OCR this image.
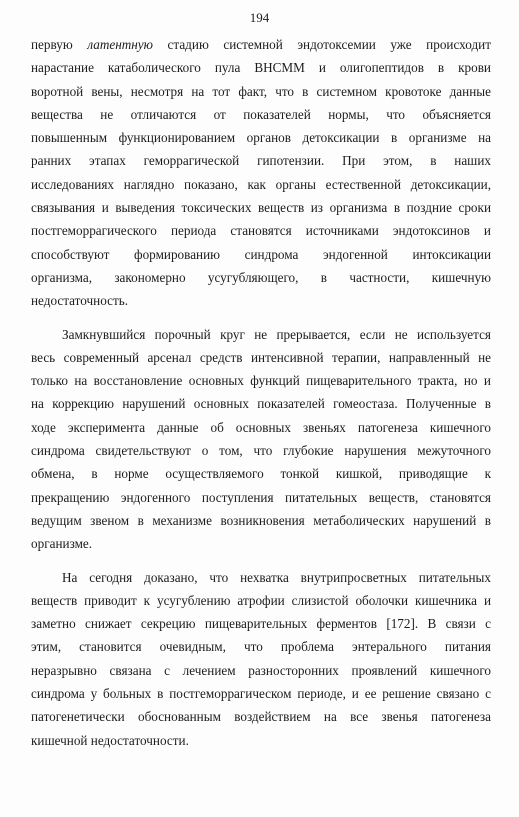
194
первую латентную стадию системной эндотоксемии уже происходит
нарастание катаболического пула ВНСММ и олигопептидов в крови
воротной вены, несмотря на тот факт, что в системном кровотоке данные
вещества не отличаются от показателей нормы, что объясняется
повышенным функционированием органов детоксикации в организме на
ранних этапах геморрагической гипотензии. При этом, в наших
исследованиях наглядно показано, как органы естественной детоксикации,
связывания и выведения токсических веществ из организма в поздние сроки
постгеморрагического периода становятся источниками эндотоксинов и
способствуют формированию синдрома эндогенной интоксикации
организма, закономерно усугубляющего, в частности, кишечную
недостаточность.
Замкнувшийся порочный круг не прерывается, если не используется
весь современный арсенал средств интенсивной терапии, направленный не
только на восстановление основных функций пищеварительного тракта, но и
на коррекцию нарушений основных показателей гомеостаза. Полученные в
ходе эксперимента данные об основных звеньях патогенеза кишечного
синдрома свидетельствуют о том, что глубокие нарушения межуточного
обмена, в норме осуществляемого тонкой кишкой, приводящие к
прекращению эндогенного поступления питательных веществ, становятся
ведущим звеном в механизме возникновения метаболических нарушений в
организме.
На сегодня доказано, что нехватка внутрипросветных питательных
веществ приводит к усугублению атрофии слизистой оболочки кишечника и
заметно снижает секрецию пищеварительных ферментов [172]. В связи с
этим, становится очевидным, что проблема энтерального питания
неразрывно связана с лечением разносторонних проявлений кишечного
синдрома у больных в постгеморрагическом периоде, и ее решение связано с
патогенетически обоснованным воздействием на все звенья патогенеза
кишечной недостаточности.
